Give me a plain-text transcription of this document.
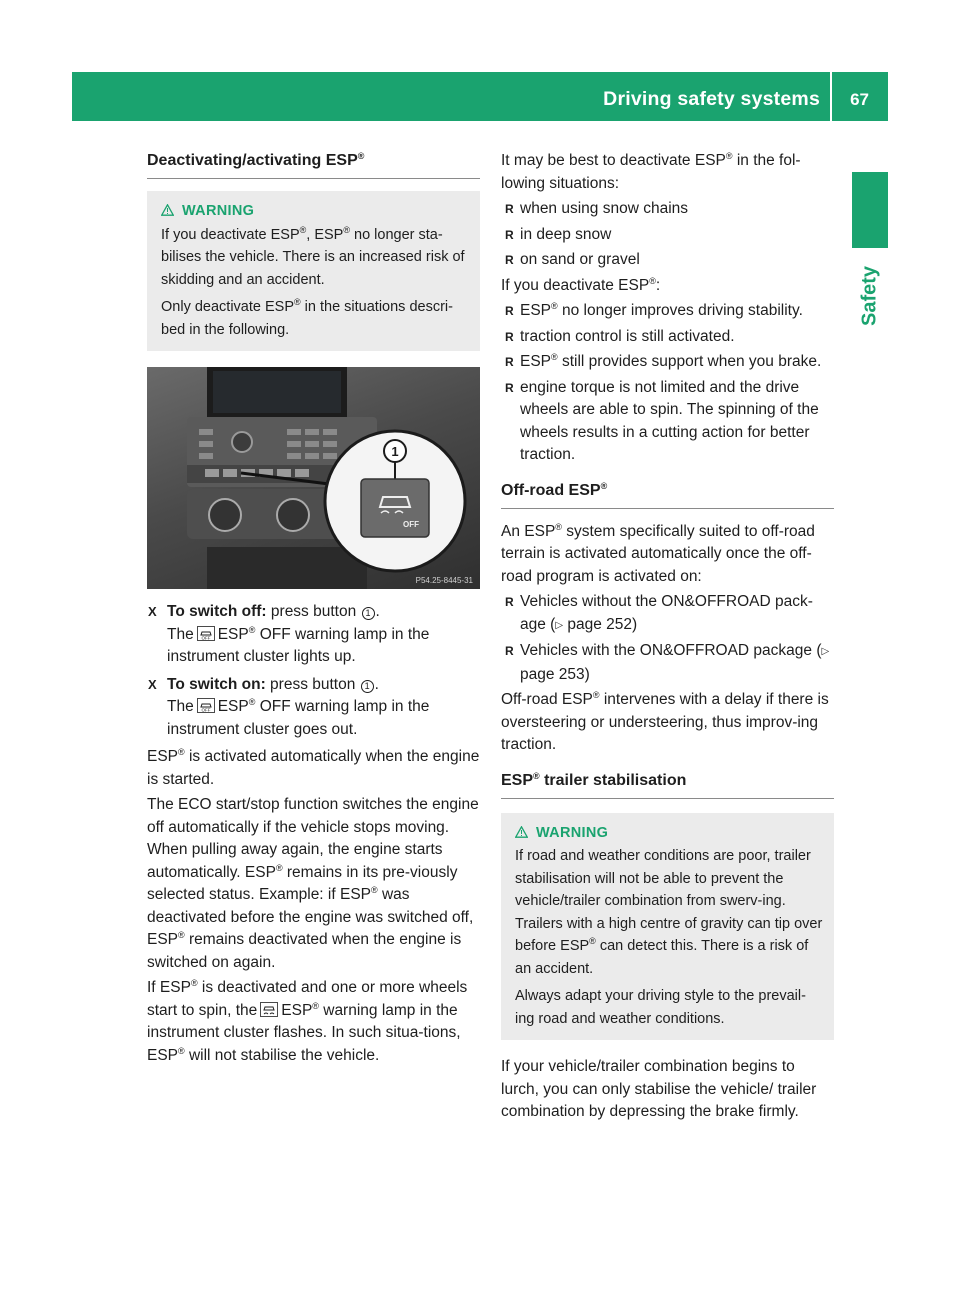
Driving safety systems 67
Safety
Deactivating/activating ESP®
WARNING

If you deactivate ESP®, ESP® no longer sta-bilises the vehicle. There is an increased risk of skidding and an accident.

Only deactivate ESP® in the situations descri-bed in the following.

1
OFF
P54.25-8445-31
X To switch off: press button 1 .
The OFF ESP® OFF warning lamp in the instrument cluster lights up.
X To switch on: press button 1 .
The OFF ESP® OFF warning lamp in the instrument cluster goes out.

ESP® is activated automatically when the engine is started.

The ECO start/stop function switches the engine off automatically if the vehicle stops moving. When pulling away again, the engine starts automatically. ESP® remains in its pre-viously selected status. Example: if ESP® was deactivated before the engine was switched off, ESP® remains deactivated when the engine is switched on again.

If ESP® is deactivated and one or more wheels start to spin, the ESP® warning lamp in the instrument cluster flashes. In such situa-tions, ESP® will not stabilise the vehicle.

It may be best to deactivate ESP® in the fol-lowing situations:

R when using snow chains
R in deep snow
R on sand or gravel

If you deactivate ESP®:

R ESP® no longer improves driving stability.
R traction control is still activated.
R ESP® still provides support when you brake.
R engine torque is not limited and the drive wheels are able to spin. The spinning of the wheels results in a cutting action for better traction.
Off-road ESP®

An ESP® system specifically suited to off-road terrain is activated automatically once the off-road program is activated on:

R Vehicles without the ON&OFFROAD pack-age (▷ page 252)
R Vehicles with the ON&OFFROAD package (▷ page 253)

Off-road ESP® intervenes with a delay if there is oversteering or understeering, thus improv-ing traction.

ESP® trailer stabilisation
WARNING

If road and weather conditions are poor, trailer stabilisation will not be able to prevent the vehicle/trailer combination from swerv-ing. Trailers with a high centre of gravity can tip over before ESP® can detect this. There is a risk of an accident.

Always adapt your driving style to the prevail-ing road and weather conditions.

If your vehicle/trailer combination begins to lurch, you can only stabilise the vehicle/ trailer combination by depressing the brake firmly.
